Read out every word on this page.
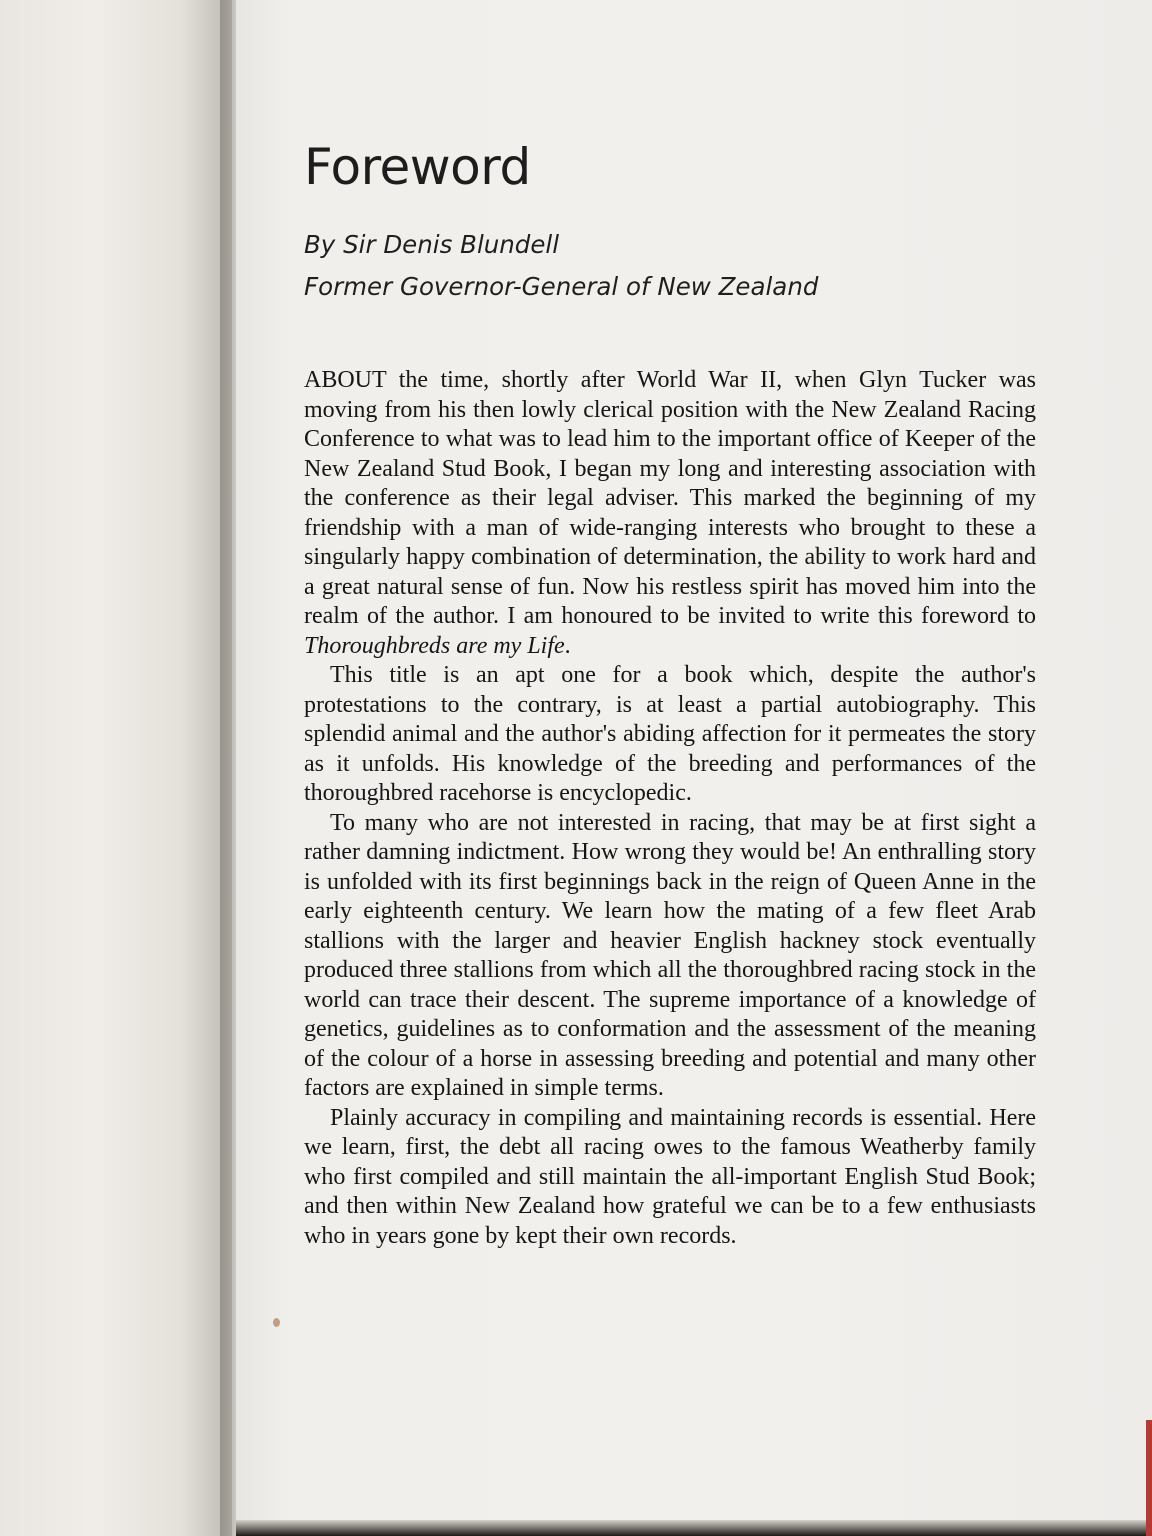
Foreword
By Sir Denis Blundell
Former Governor-General of New Zealand

ABOUT the time, shortly after World War II, when Glyn Tucker was moving from his then lowly clerical position with the New Zealand Racing Conference to what was to lead him to the important office of Keeper of the New Zealand Stud Book, I began my long and interesting association with the conference as their legal adviser. This marked the beginning of my friendship with a man of wide-ranging interests who brought to these a singularly happy combination of determination, the ability to work hard and a great natural sense of fun. Now his restless spirit has moved him into the realm of the author. I am honoured to be invited to write this foreword to Thoroughbreds are my Life.

This title is an apt one for a book which, despite the author's protestations to the contrary, is at least a partial autobiography. This splendid animal and the author's abiding affection for it permeates the story as it unfolds. His knowledge of the breeding and performances of the thoroughbred racehorse is encyclopedic.

To many who are not interested in racing, that may be at first sight a rather damning indictment. How wrong they would be! An enthralling story is unfolded with its first beginnings back in the reign of Queen Anne in the early eighteenth century. We learn how the mating of a few fleet Arab stallions with the larger and heavier English hackney stock eventually produced three stallions from which all the thoroughbred racing stock in the world can trace their descent. The supreme importance of a knowledge of genetics, guidelines as to conformation and the assessment of the meaning of the colour of a horse in assessing breeding and potential and many other factors are explained in simple terms.

Plainly accuracy in compiling and maintaining records is essential. Here we learn, first, the debt all racing owes to the famous Weatherby family who first compiled and still maintain the all-important English Stud Book; and then within New Zealand how grateful we can be to a few enthusiasts who in years gone by kept their own records.
